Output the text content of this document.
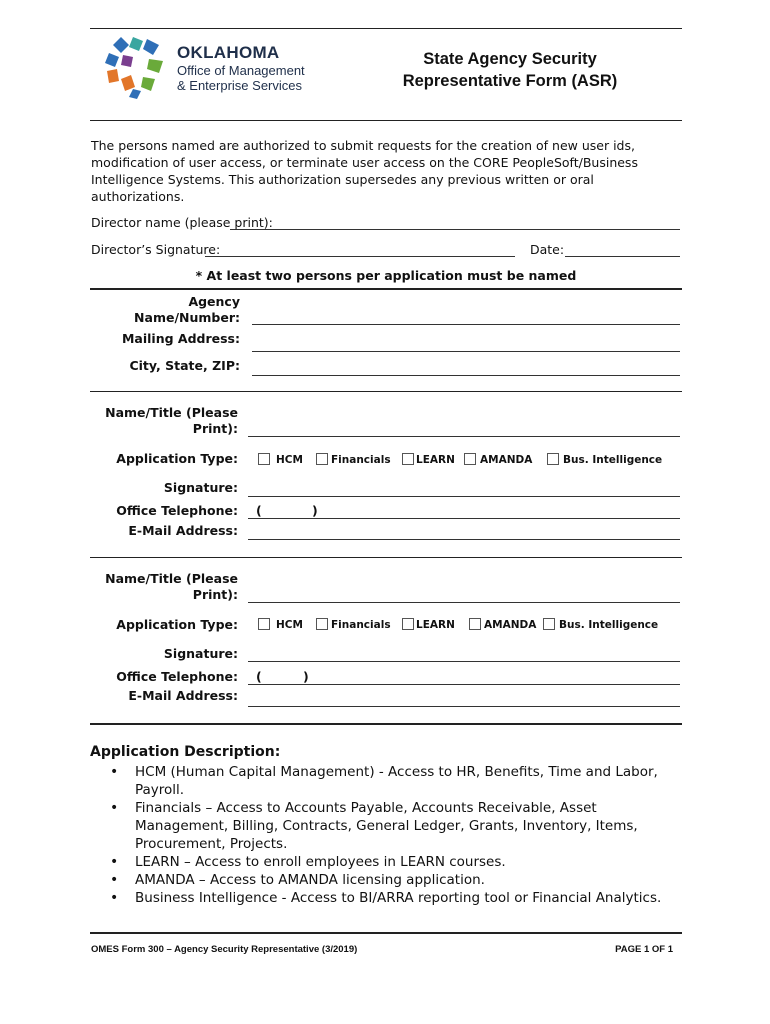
OKLAHOMA
Office of Management
& Enterprise Services
State Agency Security
Representative Form (ASR)
The persons named are authorized to submit requests for the creation of new user ids, modification of user access, or terminate user access on the CORE PeopleSoft/Business Intelligence Systems. This authorization supersedes any previous written or oral authorizations.
Director name (please print):
Director’s Signature:	Date:
* At least two persons per application must be named
Agency
Name/Number:
Mailing Address:
City, State, ZIP:
Name/Title (Please
Print):
Application Type:	HCM	Financials LEARN AMANDA	Bus. Intelligence
Signature:
Office Telephone: (	)
E-Mail Address:
Name/Title (Please
Print):
Application Type:	HCM	Financials LEARN	AMANDA Bus. Intelligence
Signature:
Office Telephone: (	)
E-Mail Address:
Application Description:
• HCM (Human Capital Management) - Access to HR, Benefits, Time and Labor, Payroll.
• Financials – Access to Accounts Payable, Accounts Receivable, Asset Management, Billing, Contracts, General Ledger, Grants, Inventory, Items, Procurement, Projects.
• LEARN – Access to enroll employees in LEARN courses.
• AMANDA – Access to AMANDA licensing application.
• Business Intelligence - Access to BI/ARRA reporting tool or Financial Analytics.
OMES Form 300 – Agency Security Representative (3/2019)	PAGE 1 OF 1
